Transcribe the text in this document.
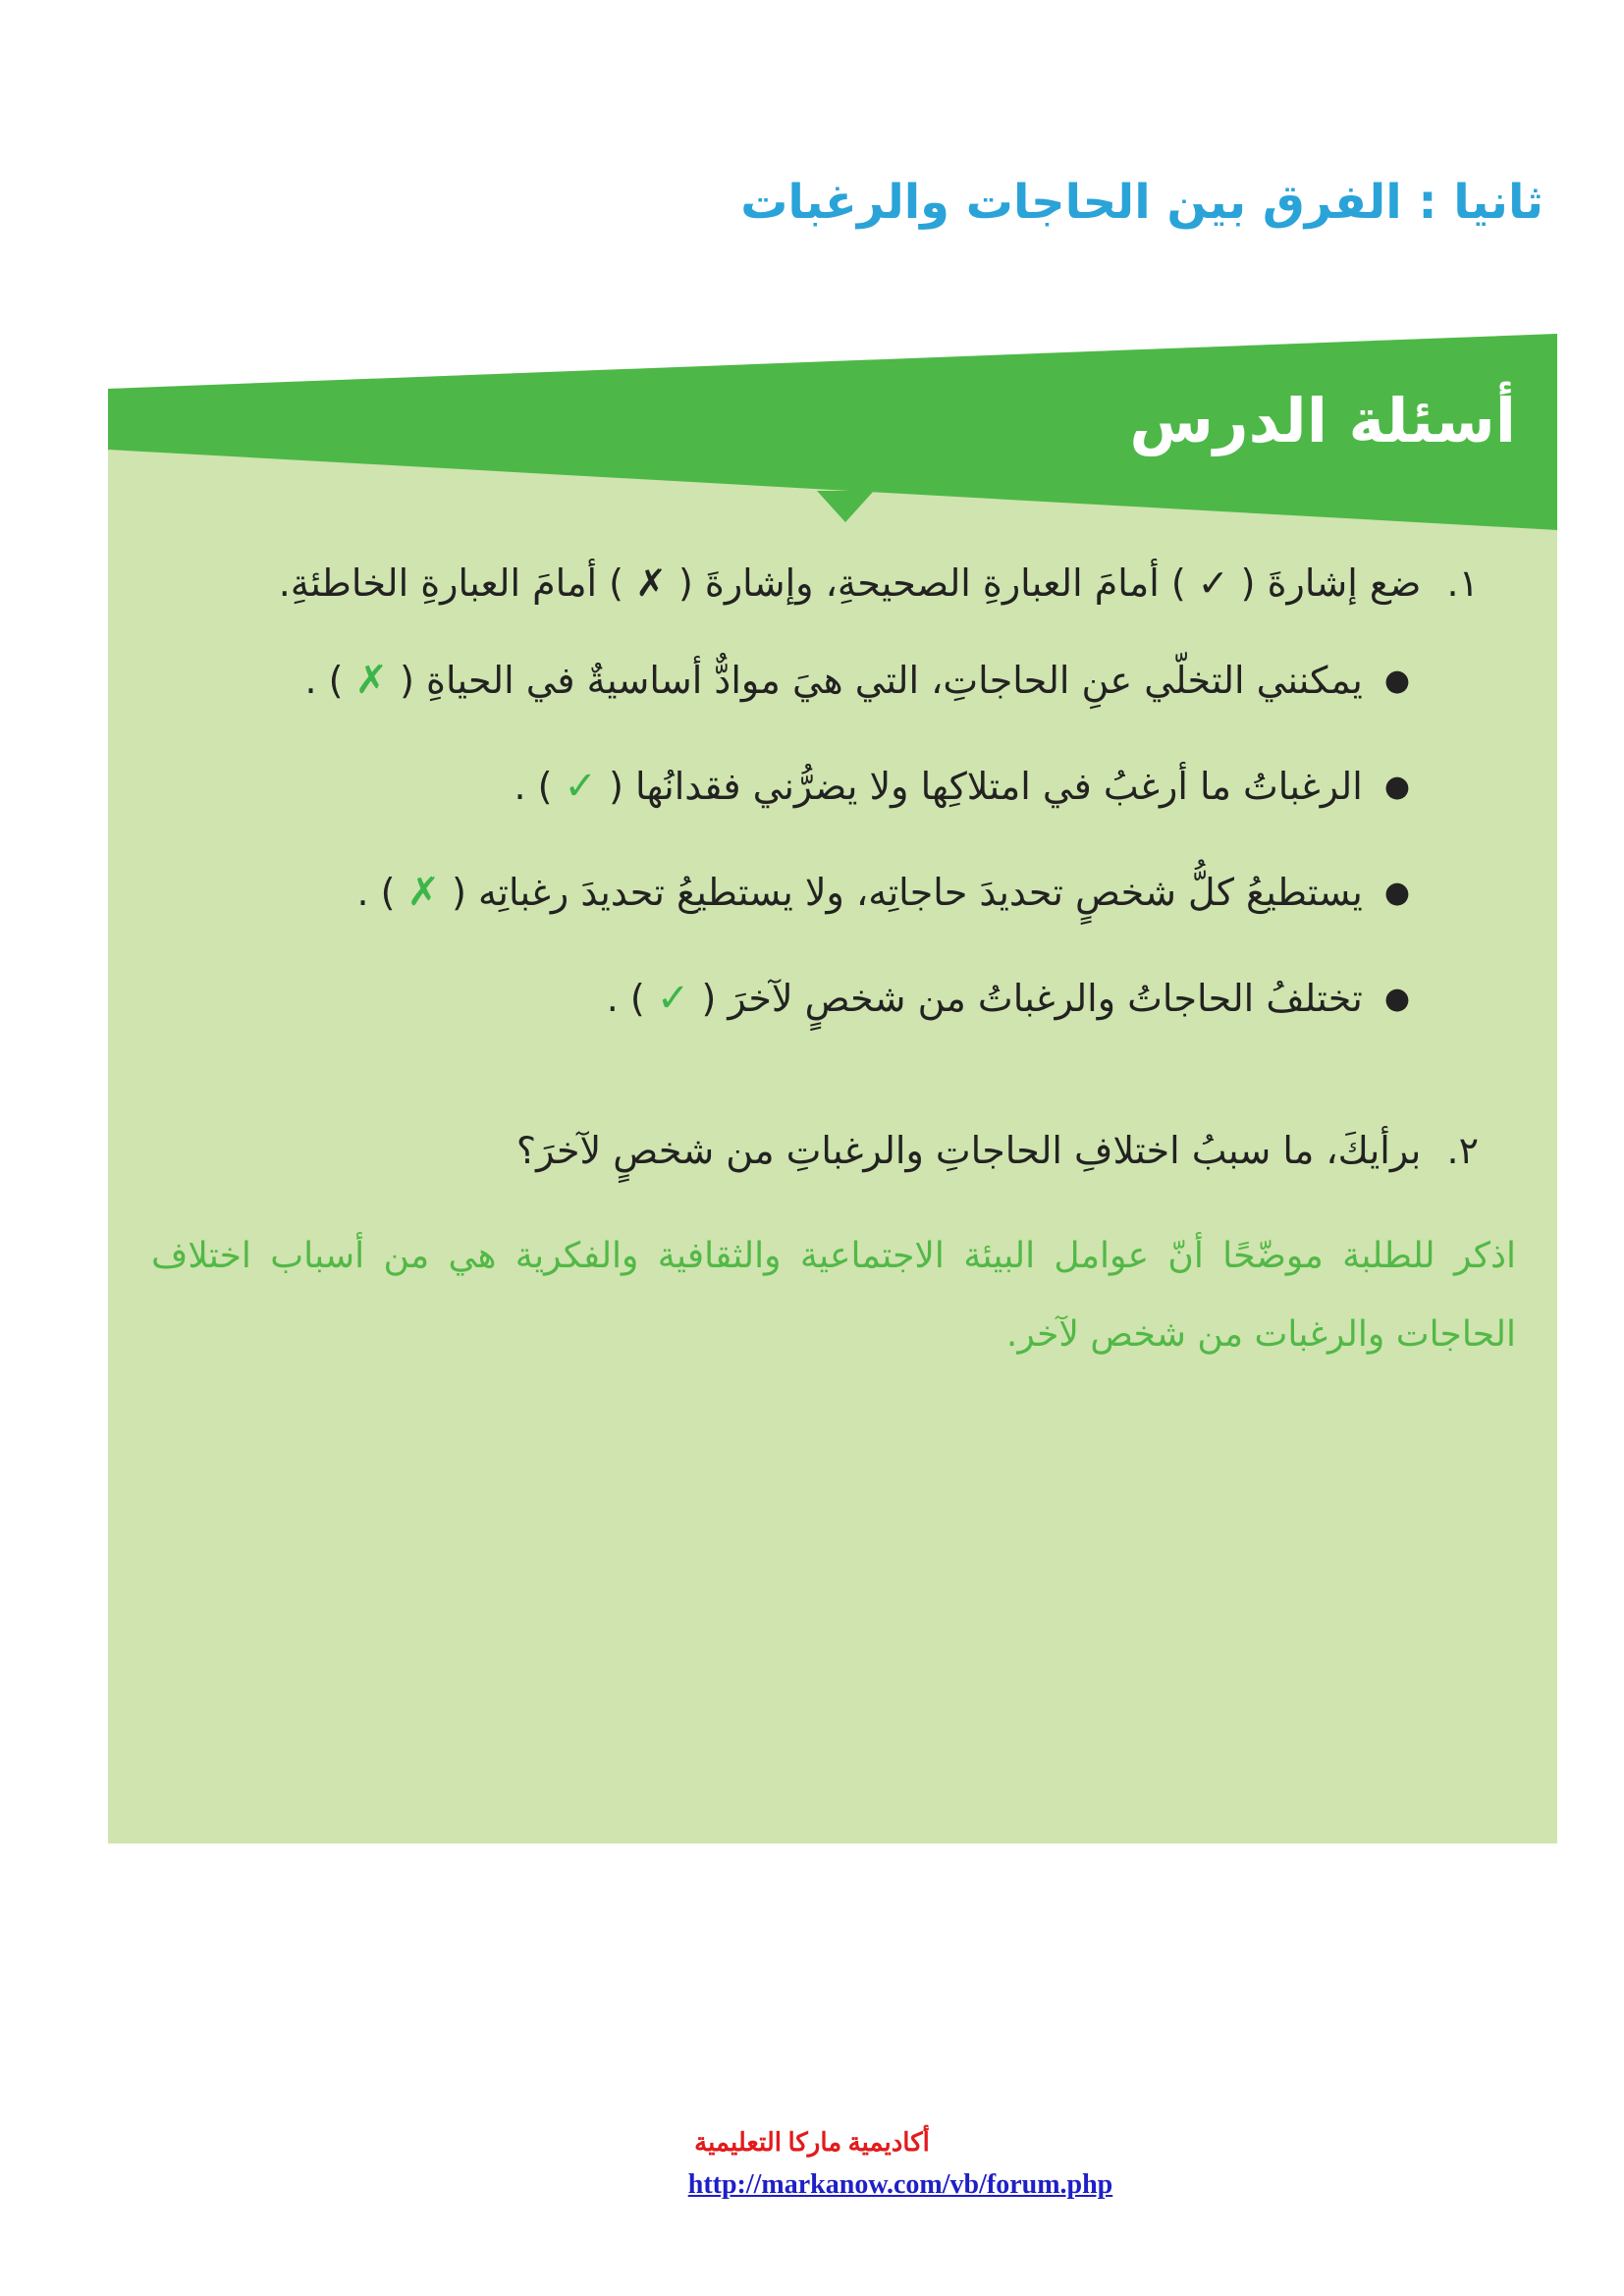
ثانيا : الفرق بين الحاجات والرغبات
أسئلة الدرس
١. ضع إشارةَ ( ✓ ) أمامَ العبارةِ الصحيحةِ، وإشارةَ ( ✗ ) أمامَ العبارةِ الخاطئةِ.
●
يمكنني التخلّي عنِ الحاجاتِ، التي هيَ موادٌّ أساسيةٌ في الحياةِ ( ✗ ) .
●
الرغباتُ ما أرغبُ في امتلاكِها ولا يضرُّني فقدانُها ( ✓ ) .
●
يستطيعُ كلُّ شخصٍ تحديدَ حاجاتِه، ولا يستطيعُ تحديدَ رغباتِه ( ✗ ) .
●
تختلفُ الحاجاتُ والرغباتُ من شخصٍ لآخرَ ( ✓ ) .
٢. برأيكَ، ما سببُ اختلافِ الحاجاتِ والرغباتِ من شخصٍ لآخرَ؟
اذكر للطلبة موضّحًا أنّ عوامل البيئة الاجتماعية والثقافية والفكرية هي من أسباب اختلاف الحاجات والرغبات من شخص لآخر.
أكاديمية ماركا التعليمية
http://markanow.com/vb/forum.php
